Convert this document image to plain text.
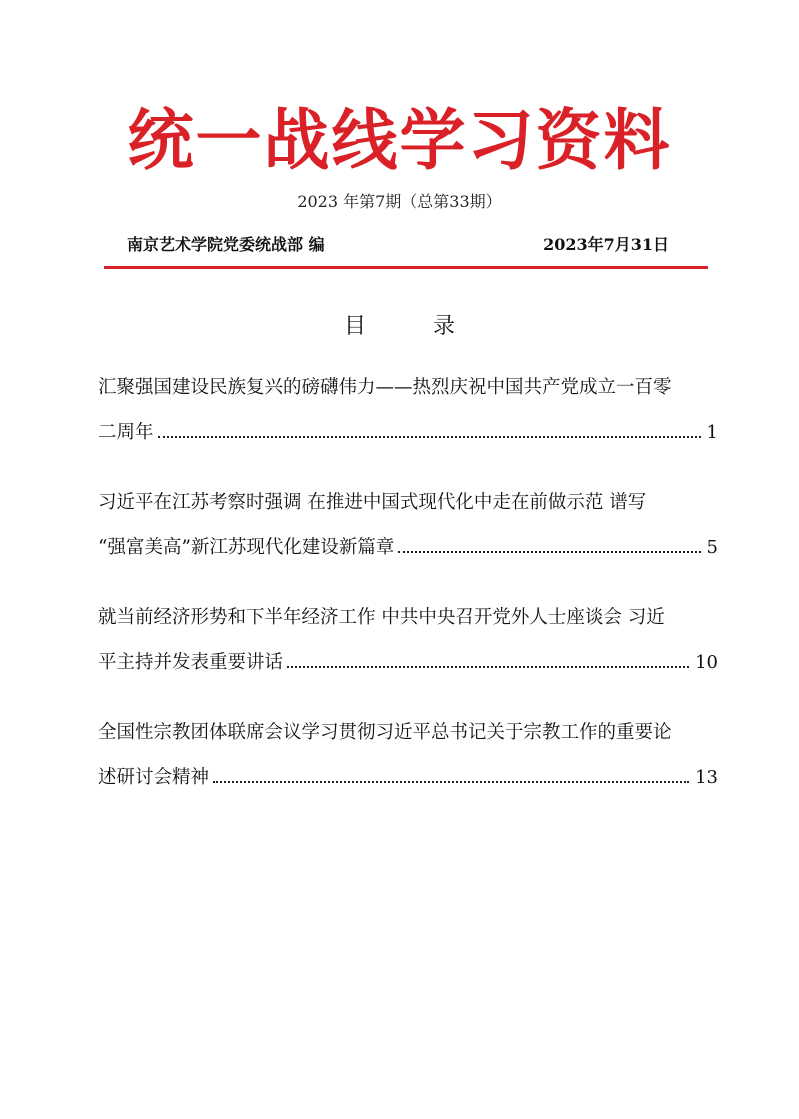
统一战线学习资料
2023 年第7期（总第33期）
南京艺术学院党委统战部 编	2023年7月31日
目 录
汇聚强国建设民族复兴的磅礴伟力——热烈庆祝中国共产党成立一百零
二周年	1
习近平在江苏考察时强调 在推进中国式现代化中走在前做示范 谱写
“强富美高”新江苏现代化建设新篇章	5
就当前经济形势和下半年经济工作 中共中央召开党外人士座谈会 习近
平主持并发表重要讲话	10
全国性宗教团体联席会议学习贯彻习近平总书记关于宗教工作的重要论
述研讨会精神	13
